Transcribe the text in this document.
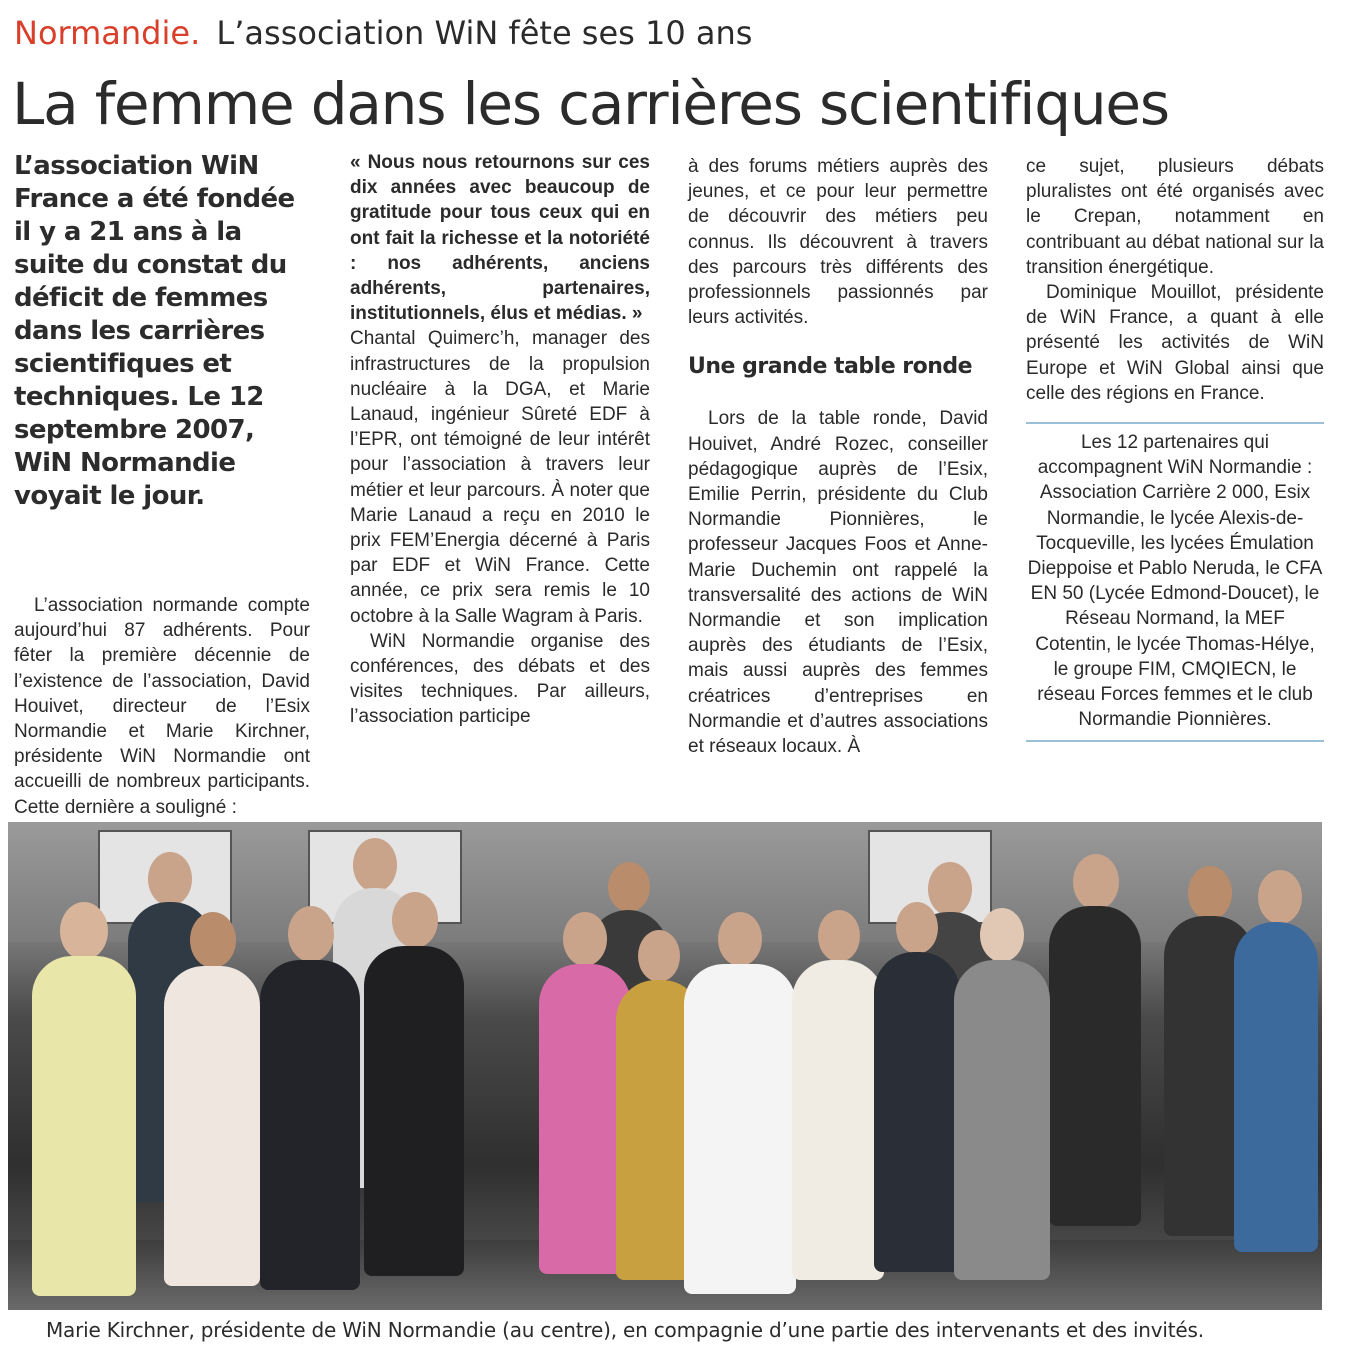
Normandie. L’association WiN fête ses 10 ans
La femme dans les carrières scientifiques

L’association WiN France a été fondée il y a 21 ans à la suite du constat du déficit de femmes dans les carrières scientifiques et techniques. Le 12 septembre 2007, WiN Normandie voyait le jour.

L’association normande compte aujourd’hui 87 adhérents. Pour fêter la première décennie de l’existence de l’association, David Houivet, directeur de l’Esix Normandie et Marie Kirchner, présidente WiN Normandie ont accueilli de nombreux participants. Cette dernière a souligné :

« Nous nous retournons sur ces dix années avec beaucoup de gratitude pour tous ceux qui en ont fait la richesse et la notoriété : nos adhérents, anciens adhérents, partenaires, institutionnels, élus et médias. »

Chantal Quimerc’h, manager des infrastructures de la propulsion nucléaire à la DGA, et Marie Lanaud, ingénieur Sûreté EDF à l’EPR, ont témoigné de leur intérêt pour l’association à travers leur métier et leur parcours. À noter que Marie Lanaud a reçu en 2010 le prix FEM’Energia décerné à Paris par EDF et WiN France. Cette année, ce prix sera remis le 10 octobre à la Salle Wagram à Paris.

WiN Normandie organise des conférences, des débats et des visites techniques. Par ailleurs, l’association participe

à des forums métiers auprès des jeunes, et ce pour leur permettre de découvrir des métiers peu connus. Ils découvrent à travers des parcours très différents des professionnels passionnés par leurs activités.

Une grande table ronde

Lors de la table ronde, David Houivet, André Rozec, conseiller pédagogique auprès de l’Esix, Emilie Perrin, présidente du Club Normandie Pionnières, le professeur Jacques Foos et Anne-Marie Duchemin ont rappelé la transversalité des actions de WiN Normandie et son implication auprès des étudiants de l’Esix, mais aussi auprès des femmes créatrices d’entreprises en Normandie et d’autres associations et réseaux locaux. À

ce sujet, plusieurs débats pluralistes ont été organisés avec le Crepan, notamment en contribuant au débat national sur la transition énergétique.

Dominique Mouillot, présidente de WiN France, a quant à elle présenté les activités de WiN Europe et WiN Global ainsi que celle des régions en France.

Les 12 partenaires qui accompagnent WiN Normandie : Association Carrière 2 000, Esix Normandie, le lycée Alexis-de-Tocqueville, les lycées Émulation Dieppoise et Pablo Neruda, le CFA EN 50 (Lycée Edmond-Doucet), le Réseau Normand, la MEF Cotentin, le lycée Thomas-Hélye, le groupe FIM, CMQIECN, le réseau Forces femmes et le club Normandie Pionnières.

Marie Kirchner, présidente de WiN Normandie (au centre), en compagnie d’une partie des intervenants et des invités.
